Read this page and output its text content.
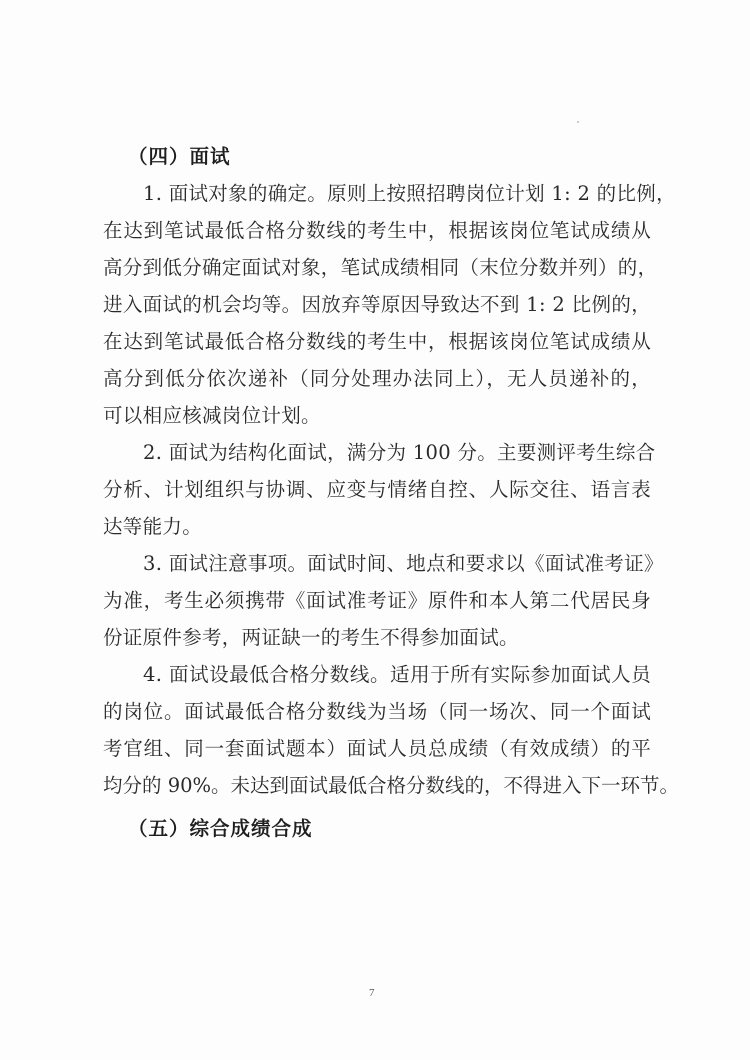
（四）面试
1. 面试对象的确定。原则上按照招聘岗位计划 1: 2 的比例，
在达到笔试最低合格分数线的考生中，根据该岗位笔试成绩从
高分到低分确定面试对象，笔试成绩相同（末位分数并列）的，
进入面试的机会均等。因放弃等原因导致达不到 1: 2 比例的，
在达到笔试最低合格分数线的考生中，根据该岗位笔试成绩从
高分到低分依次递补（同分处理办法同上），无人员递补的，
可以相应核减岗位计划。
2. 面试为结构化面试，满分为 100 分。主要测评考生综合
分析、计划组织与协调、应变与情绪自控、人际交往、语言表
达等能力。
3. 面试注意事项。面试时间、地点和要求以《面试准考证》
为准，考生必须携带《面试准考证》原件和本人第二代居民身
份证原件参考，两证缺一的考生不得参加面试。
4. 面试设最低合格分数线。适用于所有实际参加面试人员
的岗位。面试最低合格分数线为当场（同一场次、同一个面试
考官组、同一套面试题本）面试人员总成绩（有效成绩）的平
均分的 90%。未达到面试最低合格分数线的，不得进入下一环节。
（五）综合成绩合成
7
